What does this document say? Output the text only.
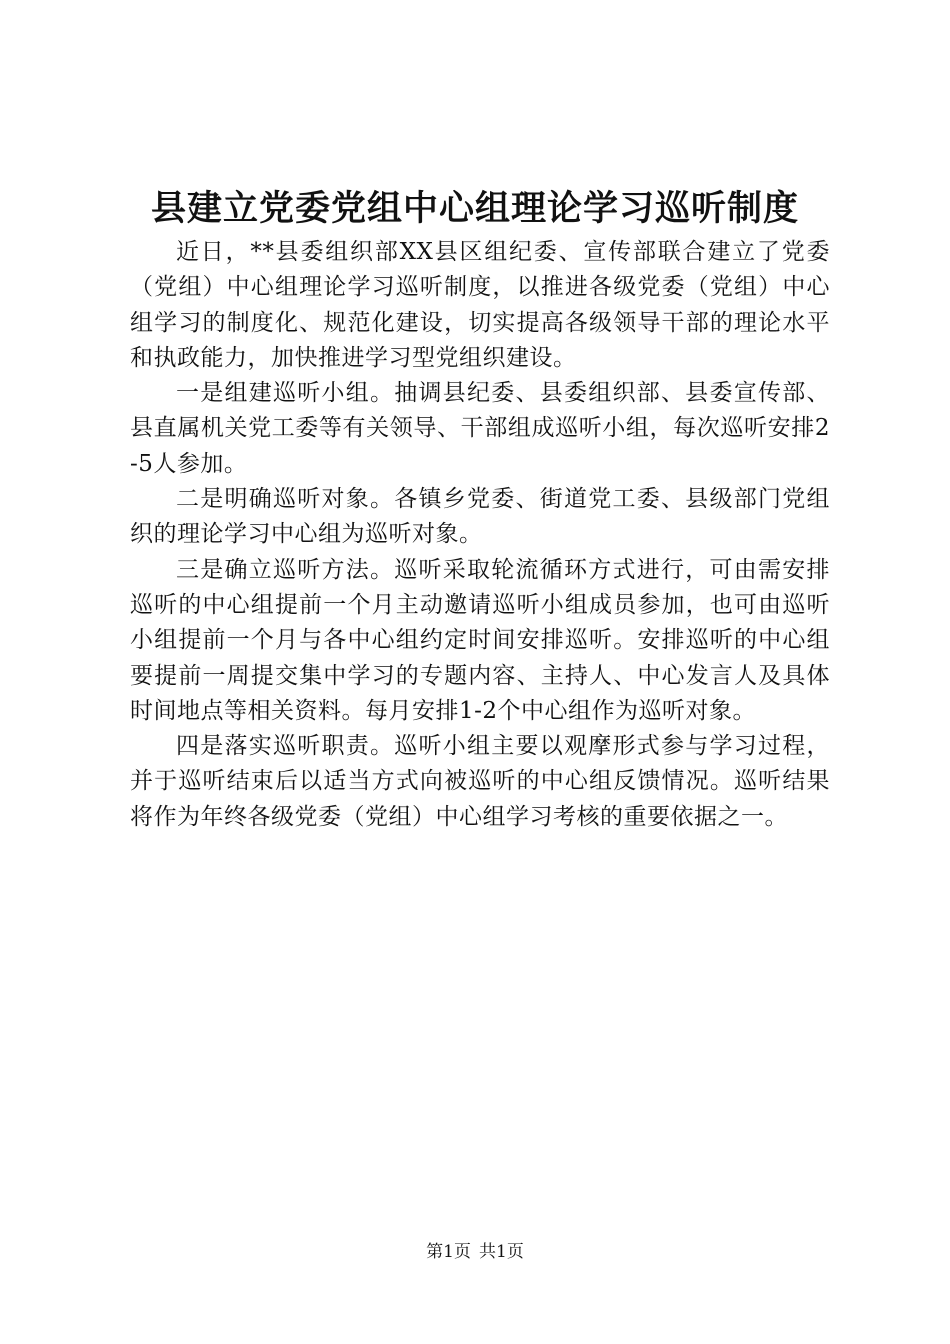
县建立党委党组中心组理论学习巡听制度

近日，**县委组织部XX县区组纪委、宣传部联合建立了党委（党组）中心组理论学习巡听制度，以推进各级党委（党组）中心组学习的制度化、规范化建设，切实提高各级领导干部的理论水平和执政能力，加快推进学习型党组织建设。

一是组建巡听小组。抽调县纪委、县委组织部、县委宣传部、县直属机关党工委等有关领导、干部组成巡听小组，每次巡听安排2-5人参加。

二是明确巡听对象。各镇乡党委、街道党工委、县级部门党组织的理论学习中心组为巡听对象。

三是确立巡听方法。巡听采取轮流循环方式进行，可由需安排巡听的中心组提前一个月主动邀请巡听小组成员参加，也可由巡听小组提前一个月与各中心组约定时间安排巡听。安排巡听的中心组要提前一周提交集中学习的专题内容、主持人、中心发言人及具体时间地点等相关资料。每月安排1-2个中心组作为巡听对象。

四是落实巡听职责。巡听小组主要以观摩形式参与学习过程，并于巡听结束后以适当方式向被巡听的中心组反馈情况。巡听结果将作为年终各级党委（党组）中心组学习考核的重要依据之一。

第1页 共1页
